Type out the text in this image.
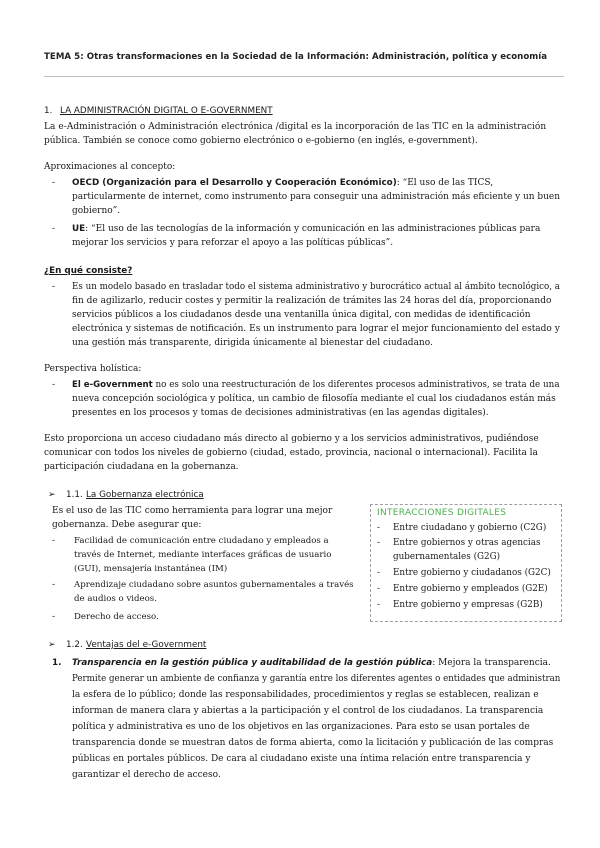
TEMA 5: Otras transformaciones en la Sociedad de la Información: Administración, política y economía
1. LA ADMINISTRACIÓN DIGITAL O E-GOVERNMENT
La e-Administración o Administración electrónica /digital es la incorporación de las TIC en la administración
pública. También se conoce como gobierno electrónico o e-gobierno (en inglés, e-government).
Aproximaciones al concepto:
- OECD (Organización para el Desarrollo y Cooperación Económico): “El uso de las TICS,
particularmente de internet, como instrumento para conseguir una administración más eficiente y un buen
gobierno”.
- UE: “El uso de las tecnologías de la información y comunicación en las administraciones públicas para
mejorar los servicios y para reforzar el apoyo a las políticas públicas”.
¿En qué consiste?
- Es un modelo basado en trasladar todo el sistema administrativo y burocrático actual al ámbito tecnológico, a
fin de agilizarlo, reducir costes y permitir la realización de trámites las 24 horas del día, proporcionando
servicios públicos a los ciudadanos desde una ventanilla única digital, con medidas de identificación
electrónica y sistemas de notificación. Es un instrumento para lograr el mejor funcionamiento del estado y
una gestión más transparente, dirigida únicamente al bienestar del ciudadano.
Perspectiva holística:
- El e-Government no es solo una reestructuración de los diferentes procesos administrativos, se trata de una
nueva concepción sociológica y política, un cambio de filosofía mediante el cual los ciudadanos están más
presentes en los procesos y tomas de decisiones administrativas (en las agendas digitales).
Esto proporciona un acceso ciudadano más directo al gobierno y a los servicios administrativos, pudiéndose
comunicar con todos los niveles de gobierno (ciudad, estado, provincia, nacional o internacional). Facilita la
participación ciudadana en la gobernanza.
➢ 1.1. La Gobernanza electrónica
Es el uso de las TIC como herramienta para lograr una mejor
gobernanza. Debe asegurar que:
- Facilidad de comunicación entre ciudadano y empleados a
través de Internet, mediante interfaces gráficas de usuario
(GUI), mensajería instantánea (IM)
- Aprendizaje ciudadano sobre asuntos gubernamentales a través
de audios o videos.
- Derecho de acceso.
INTERACCIONES DIGITALES
- Entre ciudadano y gobierno (C2G)
- Entre gobiernos y otras agencias
gubernamentales (G2G)
- Entre gobierno y ciudadanos (G2C)
- Entre gobierno y empleados (G2E)
- Entre gobierno y empresas (G2B)
➢ 1.2. Ventajas del e-Government
1. Transparencia en la gestión pública y auditabilidad de la gestión pública: Mejora la transparencia.
Permite generar un ambiente de confianza y garantía entre los diferentes agentes o entidades que administran
la esfera de lo público; donde las responsabilidades, procedimientos y reglas se establecen, realizan e
informan de manera clara y abiertas a la participación y el control de los ciudadanos. La transparencia
política y administrativa es uno de los objetivos en las organizaciones. Para esto se usan portales de
transparencia donde se muestran datos de forma abierta, como la licitación y publicación de las compras
públicas en portales públicos. De cara al ciudadano existe una íntima relación entre transparencia y
garantizar el derecho de acceso.
